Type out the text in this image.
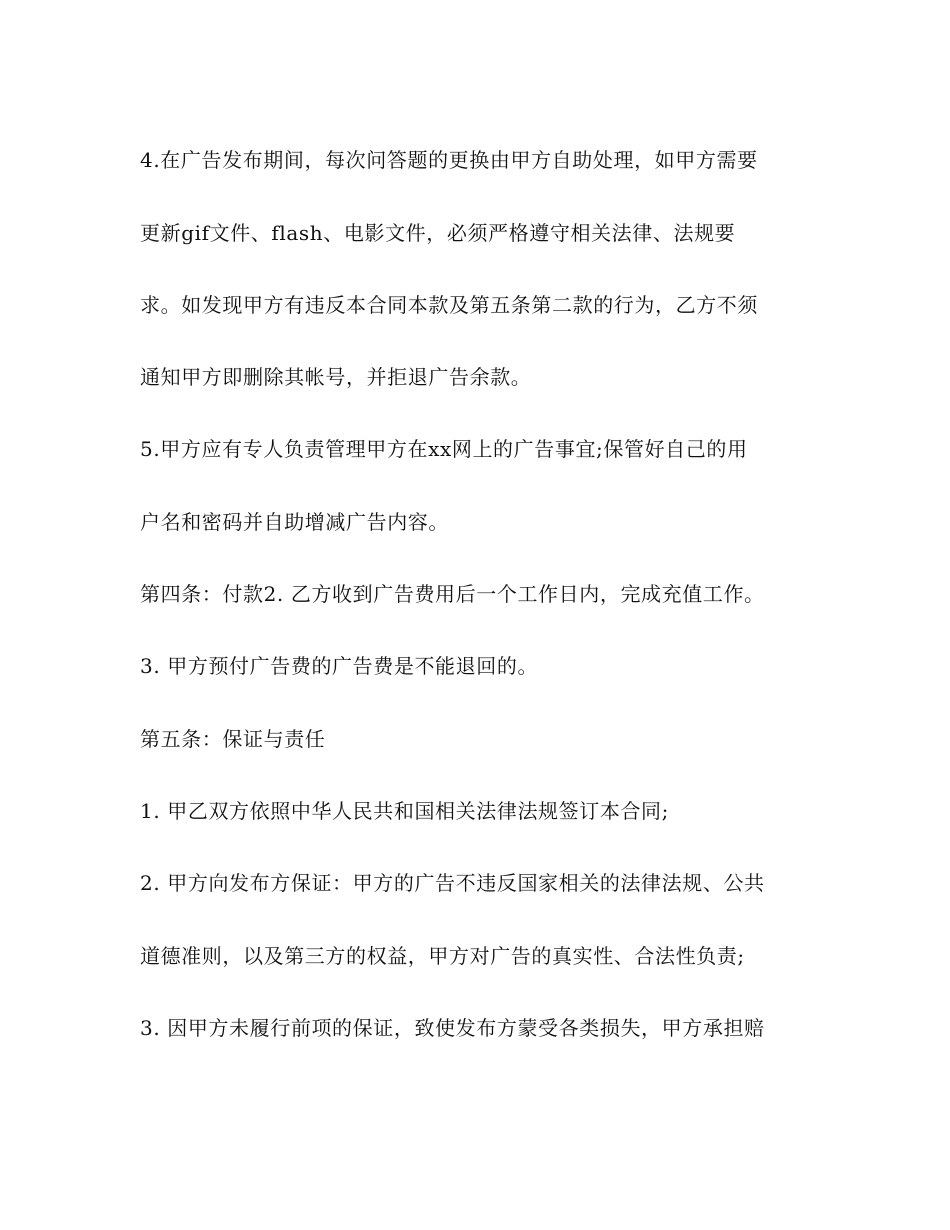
4.在广告发布期间，每次问答题的更换由甲方自助处理，如甲方需要
更新gif文件、flash、电影文件，必须严格遵守相关法律、法规要
求。如发现甲方有违反本合同本款及第五条第二款的行为，乙方不须
通知甲方即删除其帐号，并拒退广告余款。
5.甲方应有专人负责管理甲方在xx网上的广告事宜;保管好自己的用
户名和密码并自助增减广告内容。
第四条：付款2. 乙方收到广告费用后一个工作日内，完成充值工作。
3. 甲方预付广告费的广告费是不能退回的。
第五条：保证与责任
1. 甲乙双方依照中华人民共和国相关法律法规签订本合同;
2. 甲方向发布方保证：甲方的广告不违反国家相关的法律法规、公共
道德准则，以及第三方的权益，甲方对广告的真实性、合法性负责;
3. 因甲方未履行前项的保证，致使发布方蒙受各类损失，甲方承担赔
